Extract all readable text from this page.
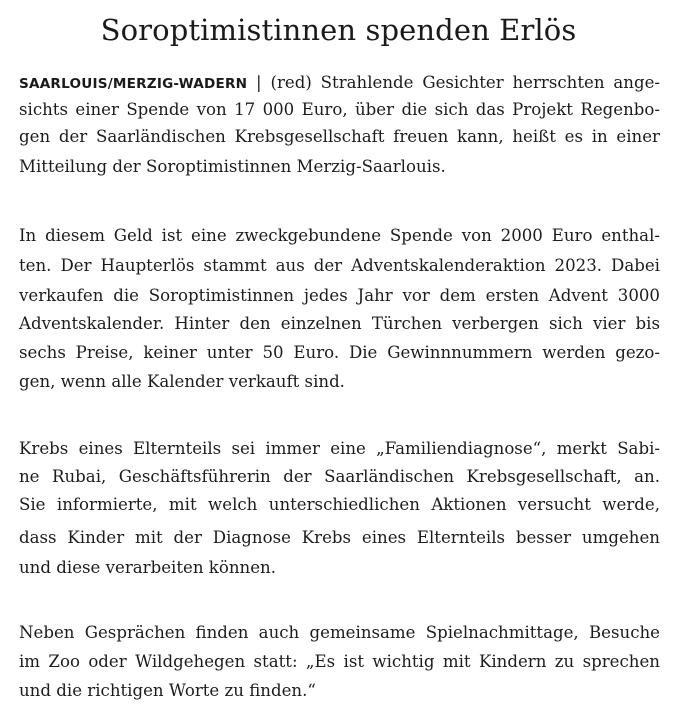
Soroptimistinnen spenden Erlös
SAARLOUIS/MERZIG-WADERN | (red) Strahlende Gesichter herrschten ange-
sichts einer Spende von 17 000 Euro, über die sich das Projekt Regenbo-
gen der Saarländischen Krebsgesellschaft freuen kann, heißt es in einer
Mitteilung der Soroptimistinnen Merzig-Saarlouis.
In diesem Geld ist eine zweckgebundene Spende von 2000 Euro enthal-
ten. Der Haupterlös stammt aus der Adventskalenderaktion 2023. Dabei
verkaufen die Soroptimistinnen jedes Jahr vor dem ersten Advent 3000
Adventskalender. Hinter den einzelnen Türchen verbergen sich vier bis
sechs Preise, keiner unter 50 Euro. Die Gewinnnummern werden gezo-
gen, wenn alle Kalender verkauft sind.
Krebs eines Elternteils sei immer eine „Familiendiagnose“, merkt Sabi-
ne Rubai, Geschäftsführerin der Saarländischen Krebsgesellschaft, an.
Sie informierte, mit welch unterschiedlichen Aktionen versucht werde,
dass Kinder mit der Diagnose Krebs eines Elternteils besser umgehen
und diese verarbeiten können.
Neben Gesprächen finden auch gemeinsame Spielnachmittage, Besuche
im Zoo oder Wildgehegen statt: „Es ist wichtig mit Kindern zu sprechen
und die richtigen Worte zu finden.“
